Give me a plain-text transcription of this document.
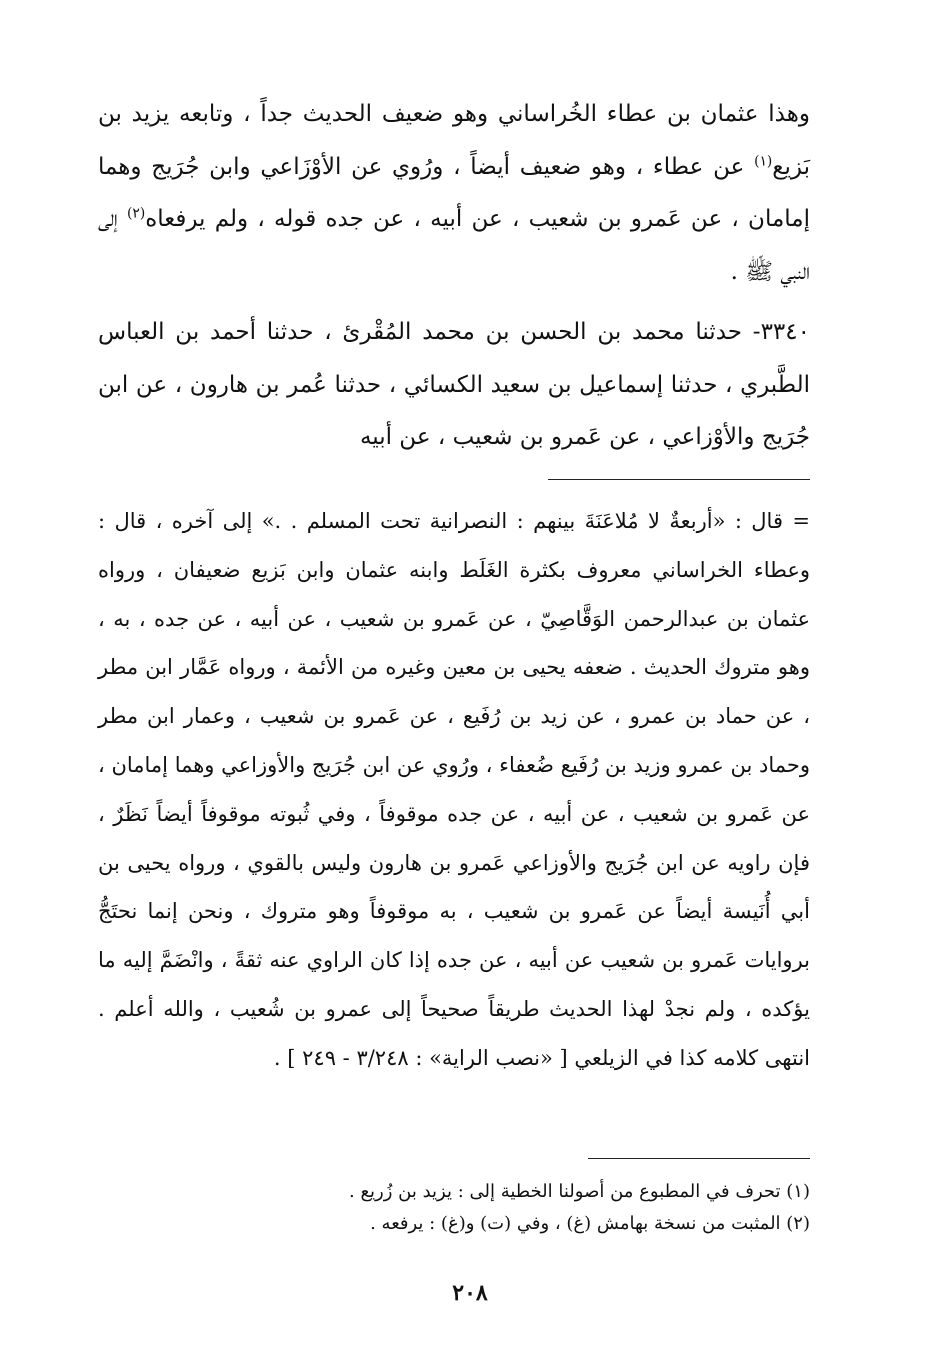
وهذا عثمان بن عطاء الخُراساني وهو ضعيف الحديث جداً ، وتابعه يزيد بن بَزيع$^{(١)}$ عن عطاء ، وهو ضعيف أيضاً ، ورُوي عن الأوْزَاعي وابن جُرَيج وهما إمامان ، عن عَمرو بن شعيب ، عن أبيه ، عن جده قوله ، ولم يرفعاه$^{(٢)}$ إلى النبي ﷺ .

٣٣٤٠- حدثنا محمد بن الحسن بن محمد المُقْرئ ، حدثنا أحمد بن العباس الطَّبري ، حدثنا إسماعيل بن سعيد الكسائي ، حدثنا عُمر بن هارون ، عن ابن جُرَيج والأوْزاعي ، عن عَمرو بن شعيب ، عن أبيه

= قال : «أربعةٌ لا مُلاعَنَةَ بينهم : النصرانية تحت المسلم . .» إلى آخره ، قال : وعطاء الخراساني معروف بكثرة الغَلَط وابنه عثمان وابن بَزيع ضعيفان ، ورواه عثمان بن عبدالرحمن الوَقَّاصِيّ ، عن عَمرو بن شعيب ، عن أبيه ، عن جده ، به ، وهو متروك الحديث . ضعفه يحيى بن معين وغيره من الأئمة ، ورواه عَمَّار ابن مطر ، عن حماد بن عمرو ، عن زيد بن رُفَيع ، عن عَمرو بن شعيب ، وعمار ابن مطر وحماد بن عمرو وزيد بن رُفَيع ضُعفاء ، ورُوي عن ابن جُرَيج والأوزاعي وهما إمامان ، عن عَمرو بن شعيب ، عن أبيه ، عن جده موقوفاً ، وفي ثُبوته موقوفاً أيضاً نَظَرٌ ، فإن راويه عن ابن جُرَيج والأوزاعي عَمرو بن هارون وليس بالقوي ، ورواه يحيى بن أبي أُنَيسة أيضاً عن عَمرو بن شعيب ، به موقوفاً وهو متروك ، ونحن إنما نحتَجُّ بروايات عَمرو بن شعيب عن أبيه ، عن جده إذا كان الراوي عنه ثقةً ، وانْضَمَّ إليه ما يؤكده ، ولم نجدْ لهذا الحديث طريقاً صحيحاً إلى عمرو بن شُعيب ، والله أعلم . انتهى كلامه كذا في الزيلعي [ «نصب الراية» : ٣/٢٤٨ - ٢٤٩ ] .

(١) تحرف في المطبوع من أصولنا الخطية إلى : يزيد بن زُريع .

(٢) المثبت من نسخة بهامش (غ) ، وفي (ت) و(غ) : يرفعه .

٢٠٨
